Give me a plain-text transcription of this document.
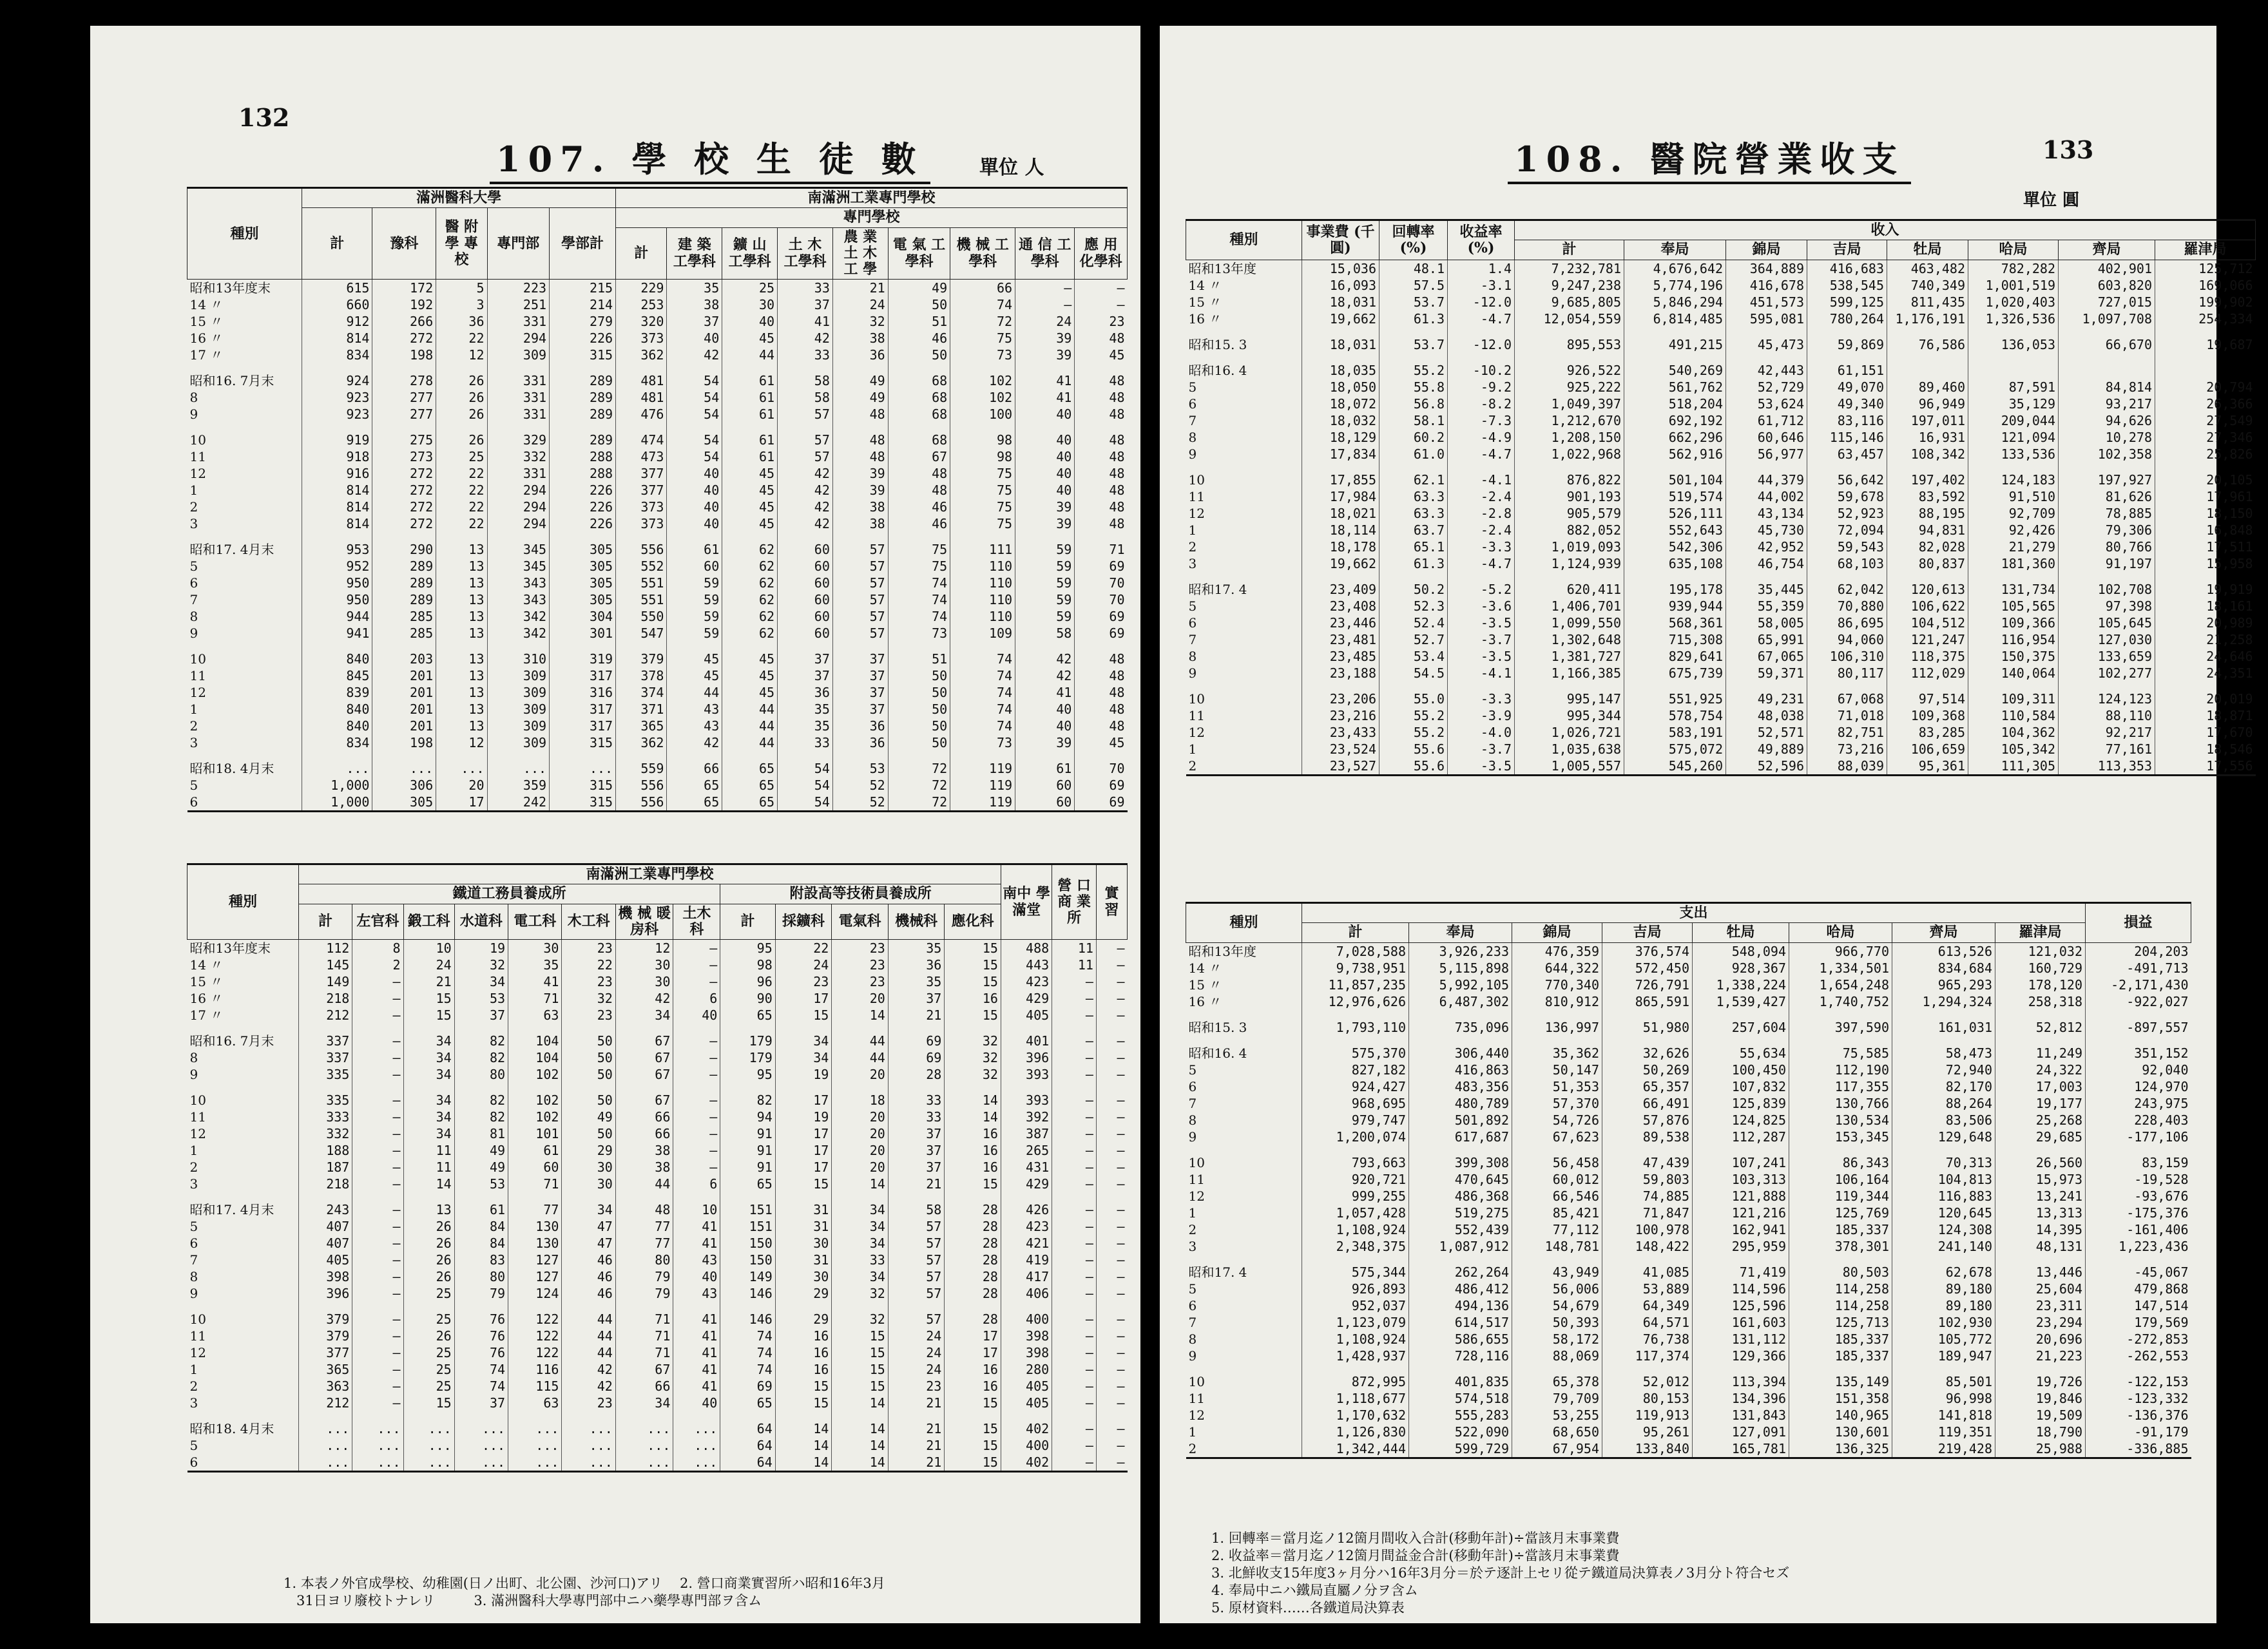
132
107. 學 校 生 徒 數	單位 人
種別	滿洲醫科大學					南滿洲工業專門學校								
	計	豫科	醫 附 學 專 校	專門部	學部計	專門學校								
						計	建 築 工學科	鑛 山 工學科	土 木 工學科	農 業 土 木 工 學	電 氣 工學科	機 械 工學科	通 信 工學科	應 用 化學科
昭和13年度末	615	172	5	223	215	229	35	25	33	21	49	66	—	—
14 〃	660	192	3	251	214	253	38	30	37	24	50	74	—	—
15 〃	912	266	36	331	279	320	37	40	41	32	51	72	24	23
16 〃	814	272	22	294	226	373	40	45	42	38	46	75	39	48
17 〃	834	198	12	309	315	362	42	44	33	36	50	73	39	45

昭和16. 7月末	924	278	26	331	289	481	54	61	58	49	68	102	41	48
8	923	277	26	331	289	481	54	61	58	49	68	102	41	48
9	923	277	26	331	289	476	54	61	57	48	68	100	40	48

10	919	275	26	329	289	474	54	61	57	48	68	98	40	48
11	918	273	25	332	288	473	54	61	57	48	67	98	40	48
12	916	272	22	331	288	377	40	45	42	39	48	75	40	48
1	814	272	22	294	226	377	40	45	42	39	48	75	40	48
2	814	272	22	294	226	373	40	45	42	38	46	75	39	48
3	814	272	22	294	226	373	40	45	42	38	46	75	39	48

昭和17. 4月末	953	290	13	345	305	556	61	62	60	57	75	111	59	71
5	952	289	13	345	305	552	60	62	60	57	75	110	59	69
6	950	289	13	343	305	551	59	62	60	57	74	110	59	70
7	950	289	13	343	305	551	59	62	60	57	74	110	59	70
8	944	285	13	342	304	550	59	62	60	57	74	110	59	69
9	941	285	13	342	301	547	59	62	60	57	73	109	58	69

10	840	203	13	310	319	379	45	45	37	37	51	74	42	48
11	845	201	13	309	317	378	45	45	37	37	50	74	42	48
12	839	201	13	309	316	374	44	45	36	37	50	74	41	48
1	840	201	13	309	317	371	43	44	35	37	50	74	40	48
2	840	201	13	309	317	365	43	44	35	36	50	74	40	48
3	834	198	12	309	315	362	42	44	33	36	50	73	39	45

昭和18. 4月末	...	...	...	...	...	559	66	65	54	53	72	119	61	70
5	1,000	306	20	359	315	556	65	65	54	52	72	119	60	69
6	1,000	305	17	242	315	556	65	65	54	52	72	119	60	69
種別	南滿洲工業專門學校													南中 學 滿堂	營 口 商 業 所	實 習
	鐵道工務員養成所								附設高等技術員養成所							
	計	左官科	鍛工科	水道科	電工科	木工科	機 械 暖房科	土木 科	計	採鑛科	電氣科	機械科	應化科			
昭和13年度末	112	8	10	19	30	23	12	—	95	22	23	35	15	488	11	—
14 〃	145	2	24	32	35	22	30	—	98	24	23	36	15	443	11	—
15 〃	149	—	21	34	41	23	30	—	96	23	23	35	15	423	—	—
16 〃	218	—	15	53	71	32	42	6	90	17	20	37	16	429	—	—
17 〃	212	—	15	37	63	23	34	40	65	15	14	21	15	405	—	—

昭和16. 7月末	337	—	34	82	104	50	67	—	179	34	44	69	32	401	—	—
8	337	—	34	82	104	50	67	—	179	34	44	69	32	396	—	—
9	335	—	34	80	102	50	67	—	95	19	20	28	32	393	—	—

10	335	—	34	82	102	50	67	—	82	17	18	33	14	393	—	—
11	333	—	34	82	102	49	66	—	94	19	20	33	14	392	—	—
12	332	—	34	81	101	50	66	—	91	17	20	37	16	387	—	—
1	188	—	11	49	61	29	38	—	91	17	20	37	16	265	—	—
2	187	—	11	49	60	30	38	—	91	17	20	37	16	431	—	—
3	218	—	14	53	71	30	44	6	65	15	14	21	15	429	—	—

昭和17. 4月末	243	—	13	61	77	34	48	10	151	31	34	58	28	426	—	—
5	407	—	26	84	130	47	77	41	151	31	34	57	28	423	—	—
6	407	—	26	84	130	47	77	41	150	30	34	57	28	421	—	—
7	405	—	26	83	127	46	80	43	150	31	33	57	28	419	—	—
8	398	—	26	80	127	46	79	40	149	30	34	57	28	417	—	—
9	396	—	25	79	124	46	79	43	146	29	32	57	28	406	—	—

10	379	—	25	76	122	44	71	41	146	29	32	57	28	400	—	—
11	379	—	26	76	122	44	71	41	74	16	15	24	17	398	—	—
12	377	—	25	76	122	44	71	41	74	16	15	24	17	398	—	—
1	365	—	25	74	116	42	67	41	74	16	15	24	16	280	—	—
2	363	—	25	74	115	42	66	41	69	15	15	23	16	405	—	—
3	212	—	15	37	63	23	34	40	65	15	14	21	15	405	—	—

昭和18. 4月末	...	...	...	...	...	...	...	...	64	14	14	21	15	402	—	—
5	...	...	...	...	...	...	...	...	64	14	14	21	15	400	—	—
6	...	...	...	...	...	...	...	...	64	14	14	21	15	402	—	—
1. 本表ノ外官成學校、幼稚園(日ノ出町、北公園、沙河口)アリ    2. 營口商業實習所ハ昭和16年3月
31日ヨリ廢校トナレリ         3. 滿洲醫科大學專門部中ニハ藥學專門部ヲ含ム
108. 醫院營業收支	133
單位 圓
種別	事業費 (千圓)	回轉率 (%)	收益率 (%)	收入							
				計	奉局	錦局	吉局	牡局	哈局	齊局	羅津局
昭和13年度	15,036	48.1	1.4	7,232,781	4,676,642	364,889	416,683	463,482	782,282	402,901	125,712
14 〃	16,093	57.5	-3.1	9,247,238	5,774,196	416,678	538,545	740,349	1,001,519	603,820	169,066
15 〃	18,031	53.7	-12.0	9,685,805	5,846,294	451,573	599,125	811,435	1,020,403	727,015	199,902
16 〃	19,662	61.3	-4.7	12,054,559	6,814,485	595,081	780,264	1,176,191	1,326,536	1,097,708	254,334

昭和15. 3	18,031	53.7	-12.0	895,553	491,215	45,473	59,869	76,586	136,053	66,670	19,687

昭和16. 4	18,035	55.2	-10.2	926,522	540,269	42,443	61,151				
5	18,050	55.8	-9.2	925,222	561,762	52,729	49,070	89,460	87,591	84,814	20,794
6	18,072	56.8	-8.2	1,049,397	518,204	53,624	49,340	96,949	35,129	93,217	26,366
7	18,032	58.1	-7.3	1,212,670	692,192	61,712	83,116	197,011	209,044	94,626	27,549
8	18,129	60.2	-4.9	1,208,150	662,296	60,646	115,146	16,931	121,094	10,278	27,346
9	17,834	61.0	-4.7	1,022,968	562,916	56,977	63,457	108,342	133,536	102,358	25,826

10	17,855	62.1	-4.1	876,822	501,104	44,379	56,642	197,402	124,183	197,927	20,105
11	17,984	63.3	-2.4	901,193	519,574	44,002	59,678	83,592	91,510	81,626	17,961
12	18,021	63.3	-2.8	905,579	526,111	43,134	52,923	88,195	92,709	78,885	18,150
1	18,114	63.7	-2.4	882,052	552,643	45,730	72,094	94,831	92,426	79,306	16,848
2	18,178	65.1	-3.3	1,019,093	542,306	42,952	59,543	82,028	21,279	80,766	17,511
3	19,662	61.3	-4.7	1,124,939	635,108	46,754	68,103	80,837	181,360	91,197	15,958

昭和17. 4	23,409	50.2	-5.2	620,411	195,178	35,445	62,042	120,613	131,734	102,708	19,919
5	23,408	52.3	-3.6	1,406,701	939,944	55,359	70,880	106,622	105,565	97,398	18,161
6	23,446	52.4	-3.5	1,099,550	568,361	58,005	86,695	104,512	109,366	105,645	20,989
7	23,481	52.7	-3.7	1,302,648	715,308	65,991	94,060	121,247	116,954	127,030	21,258
8	23,485	53.4	-3.5	1,381,727	829,641	67,065	106,310	118,375	150,375	133,659	24,646
9	23,188	54.5	-4.1	1,166,385	675,739	59,371	80,117	112,029	140,064	102,277	24,351

10	23,206	55.0	-3.3	995,147	551,925	49,231	67,068	97,514	109,311	124,123	20,019
11	23,216	55.2	-3.9	995,344	578,754	48,038	71,018	109,368	110,584	88,110	18,871
12	23,433	55.2	-4.0	1,026,721	583,191	52,571	82,751	83,285	104,362	92,217	17,670
1	23,524	55.6	-3.7	1,035,638	575,072	49,889	73,216	106,659	105,342	77,161	18,546
2	23,527	55.6	-3.5	1,005,557	545,260	52,596	88,039	95,361	111,305	113,353	17,556
種別	支出								損益
	計	奉局	錦局	吉局	牡局	哈局	齊局	羅津局	
昭和13年度	7,028,588	3,926,233	476,359	376,574	548,094	966,770	613,526	121,032	204,203
14 〃	9,738,951	5,115,898	644,322	572,450	928,367	1,334,501	834,684	160,729	-491,713
15 〃	11,857,235	5,992,105	770,340	726,791	1,338,224	1,654,248	965,293	178,120	-2,171,430
16 〃	12,976,626	6,487,302	810,912	865,591	1,539,427	1,740,752	1,294,324	258,318	-922,027

昭和15. 3	1,793,110	735,096	136,997	51,980	257,604	397,590	161,031	52,812	-897,557

昭和16. 4	575,370	306,440	35,362	32,626	55,634	75,585	58,473	11,249	351,152
5	827,182	416,863	50,147	50,269	100,450	112,190	72,940	24,322	92,040
6	924,427	483,356	51,353	65,357	107,832	117,355	82,170	17,003	124,970
7	968,695	480,789	57,370	66,491	125,839	130,766	88,264	19,177	243,975
8	979,747	501,892	54,726	57,876	124,825	130,534	83,506	25,268	228,403
9	1,200,074	617,687	67,623	89,538	112,287	153,345	129,648	29,685	-177,106

10	793,663	399,308	56,458	47,439	107,241	86,343	70,313	26,560	83,159
11	920,721	470,645	60,012	59,803	103,313	106,164	104,813	15,973	-19,528
12	999,255	486,368	66,546	74,885	121,888	119,344	116,883	13,241	-93,676
1	1,057,428	519,275	85,421	71,847	121,216	125,769	120,645	13,313	-175,376
2	1,108,924	552,439	77,112	100,978	162,941	185,337	124,308	14,395	-161,406
3	2,348,375	1,087,912	148,781	148,422	295,959	378,301	241,140	48,131	1,223,436

昭和17. 4	575,344	262,264	43,949	41,085	71,419	80,503	62,678	13,446	-45,067
5	926,893	486,412	56,006	53,889	114,596	114,258	89,180	25,604	479,868
6	952,037	494,136	54,679	64,349	125,596	114,258	89,180	23,311	147,514
7	1,123,079	614,517	50,393	64,571	161,603	125,713	102,930	23,294	179,569
8	1,108,924	586,655	58,172	76,738	131,112	185,337	105,772	20,696	-272,853
9	1,428,937	728,116	88,069	117,374	129,366	185,337	189,947	21,223	-262,553

10	872,995	401,835	65,378	52,012	113,394	135,149	85,501	19,726	-122,153
11	1,118,677	574,518	79,709	80,153	134,396	151,358	96,998	19,846	-123,332
12	1,170,632	555,283	53,255	119,913	131,843	140,965	141,818	19,509	-136,376
1	1,126,830	522,090	68,650	95,261	127,091	130,601	119,351	18,790	-91,179
2	1,342,444	599,729	67,954	133,840	165,781	136,325	219,428	25,988	-336,885
1. 回轉率＝當月迄ノ12箇月間收入合計(移動年計)÷當該月末事業費
2. 收益率＝當月迄ノ12箇月間益金合計(移動年計)÷當該月末事業費
3. 北鮮收支15年度3ヶ月分ハ16年3月分＝於テ逐計上セリ從テ鐵道局決算表ノ3月分ト符合セズ
4. 奉局中ニハ鐵局直屬ノ分ヲ含ム
5. 原材資料……各鐵道局決算表
